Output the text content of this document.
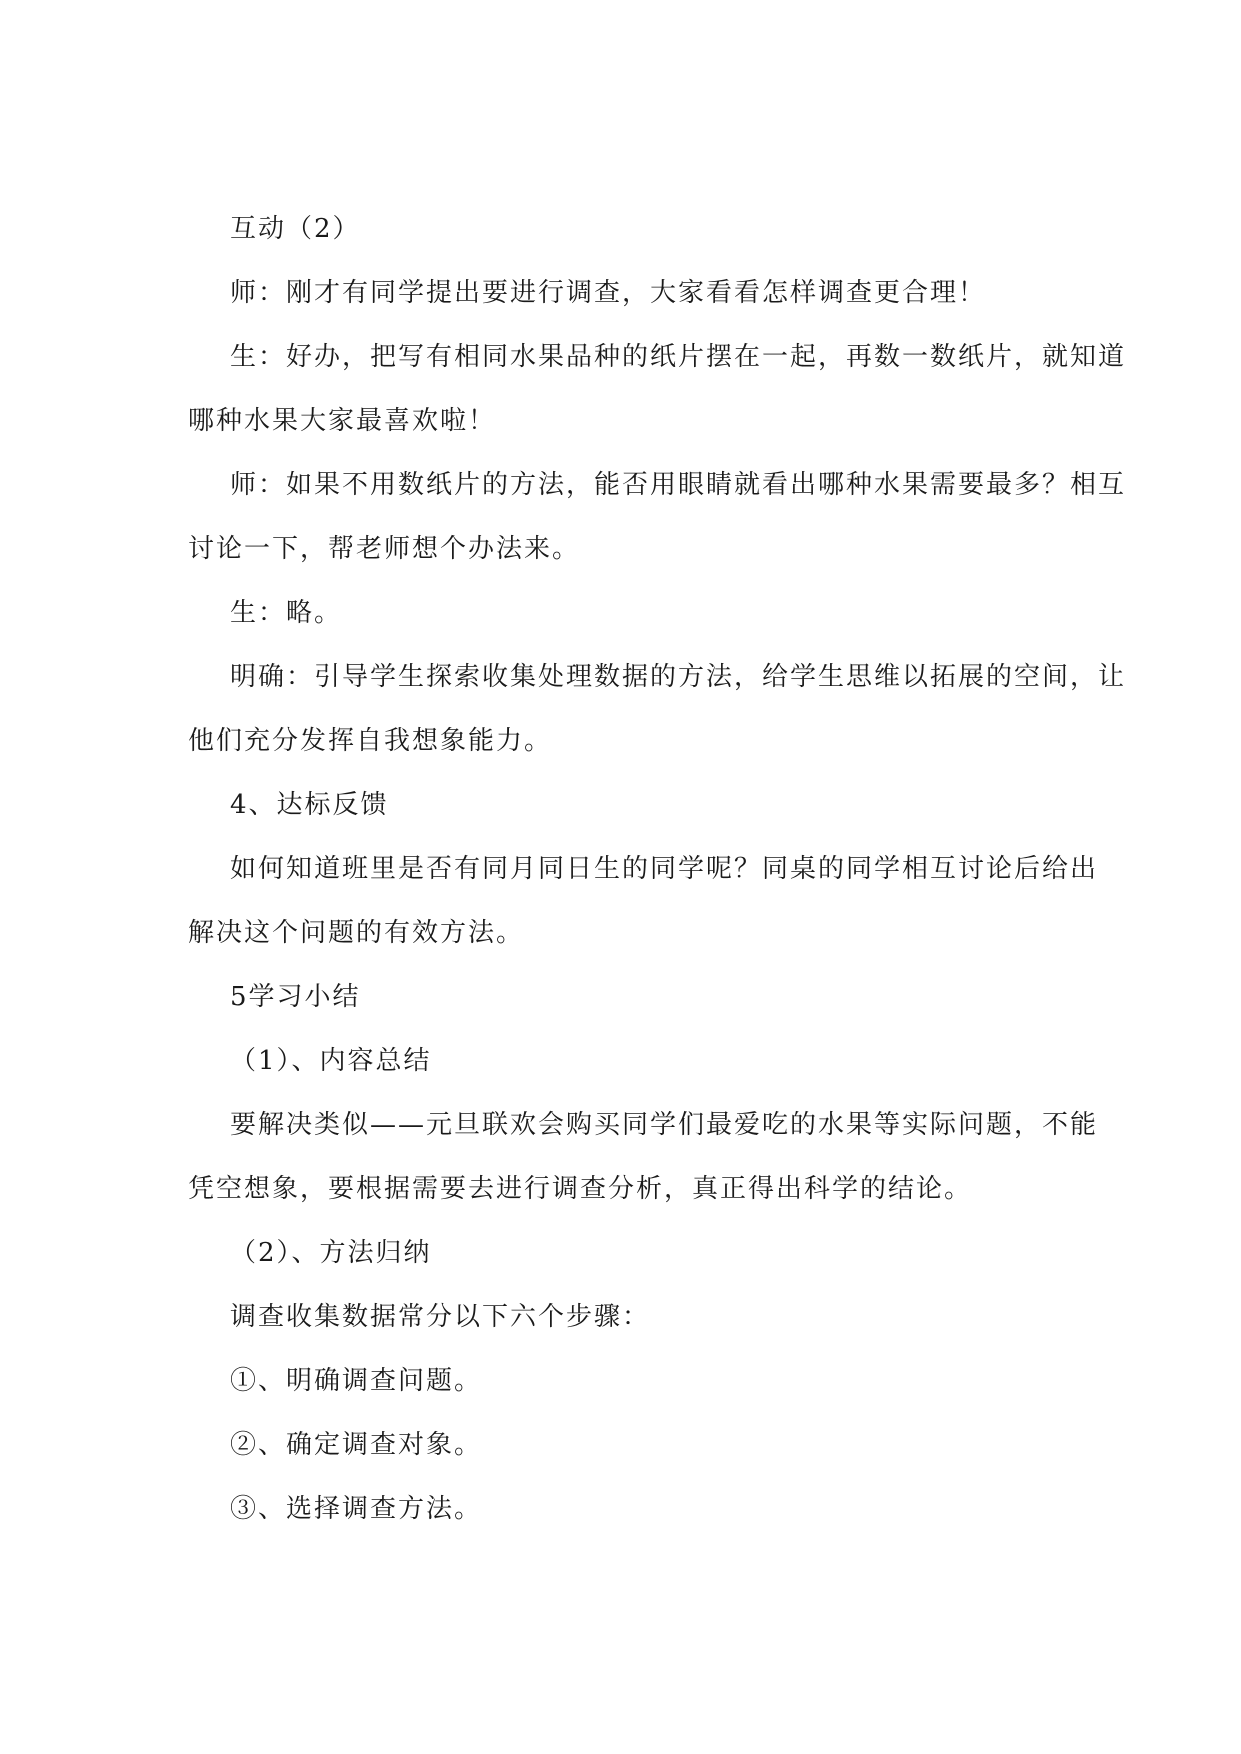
互动（2）
师：刚才有同学提出要进行调查，大家看看怎样调查更合理！
生：好办，把写有相同水果品种的纸片摆在一起，再数一数纸片，就知道
哪种水果大家最喜欢啦！
师：如果不用数纸片的方法，能否用眼睛就看出哪种水果需要最多？相互
讨论一下，帮老师想个办法来。
生：略。
明确：引导学生探索收集处理数据的方法，给学生思维以拓展的空间，让
他们充分发挥自我想象能力。
4、达标反馈
如何知道班里是否有同月同日生的同学呢？同桌的同学相互讨论后给出
解决这个问题的有效方法。
5学习小结
（1）、内容总结
要解决类似——元旦联欢会购买同学们最爱吃的水果等实际问题，不能
凭空想象，要根据需要去进行调查分析，真正得出科学的结论。
（2）、方法归纳
调查收集数据常分以下六个步骤：
①、明确调查问题。
②、确定调查对象。
③、选择调查方法。
